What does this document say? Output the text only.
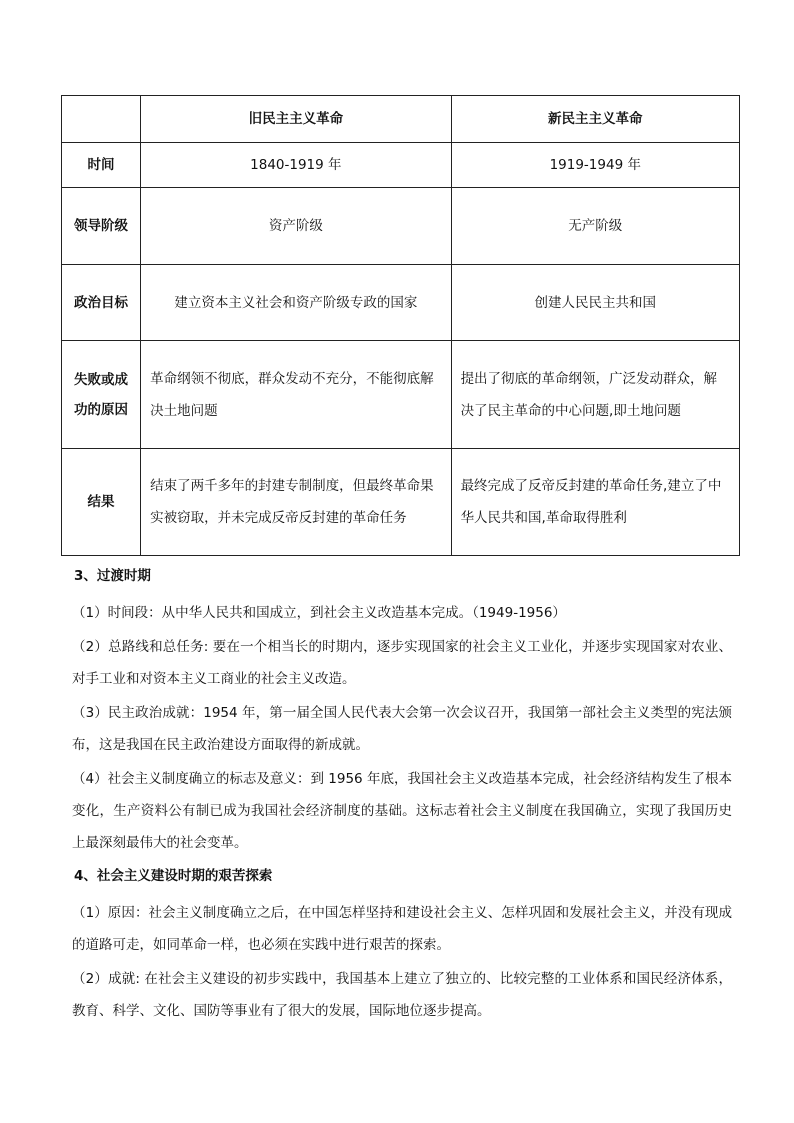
	旧民主主义革命	新民主主义革命
时间	1840-1919 年	1919-1949 年
领导阶级	资产阶级	无产阶级
政治目标	建立资本主义社会和资产阶级专政的国家	创建人民民主共和国
失败或成功的原因	革命纲领不彻底，群众发动不充分，不能彻底解决土地问题	提出了彻底的革命纲领，广泛发动群众，解决了民主革命的中心问题,即土地问题
结果	结束了两千多年的封建专制制度，但最终革命果实被窃取，并未完成反帝反封建的革命任务	最终完成了反帝反封建的革命任务,建立了中华人民共和国,革命取得胜利
3、过渡时期

（1）时间段：从中华人民共和国成立，到社会主义改造基本完成。（1949-1956）

（2）总路线和总任务: 要在一个相当长的时期内，逐步实现国家的社会主义工业化，并逐步实现国家对农业、对手工业和对资本主义工商业的社会主义改造。

（3）民主政治成就：1954 年，第一届全国人民代表大会第一次会议召开，我国第一部社会主义类型的宪法颁布，这是我国在民主政治建设方面取得的新成就。

（4）社会主义制度确立的标志及意义：到 1956 年底，我国社会主义改造基本完成，社会经济结构发生了根本变化，生产资料公有制已成为我国社会经济制度的基础。这标志着社会主义制度在我国确立，实现了我国历史上最深刻最伟大的社会变革。

4、社会主义建设时期的艰苦探索

（1）原因：社会主义制度确立之后，在中国怎样坚持和建设社会主义、怎样巩固和发展社会主义，并没有现成的道路可走，如同革命一样，也必须在实践中进行艰苦的探索。

（2）成就: 在社会主义建设的初步实践中，我国基本上建立了独立的、比较完整的工业体系和国民经济体系，教育、科学、文化、国防等事业有了很大的发展，国际地位逐步提高。
